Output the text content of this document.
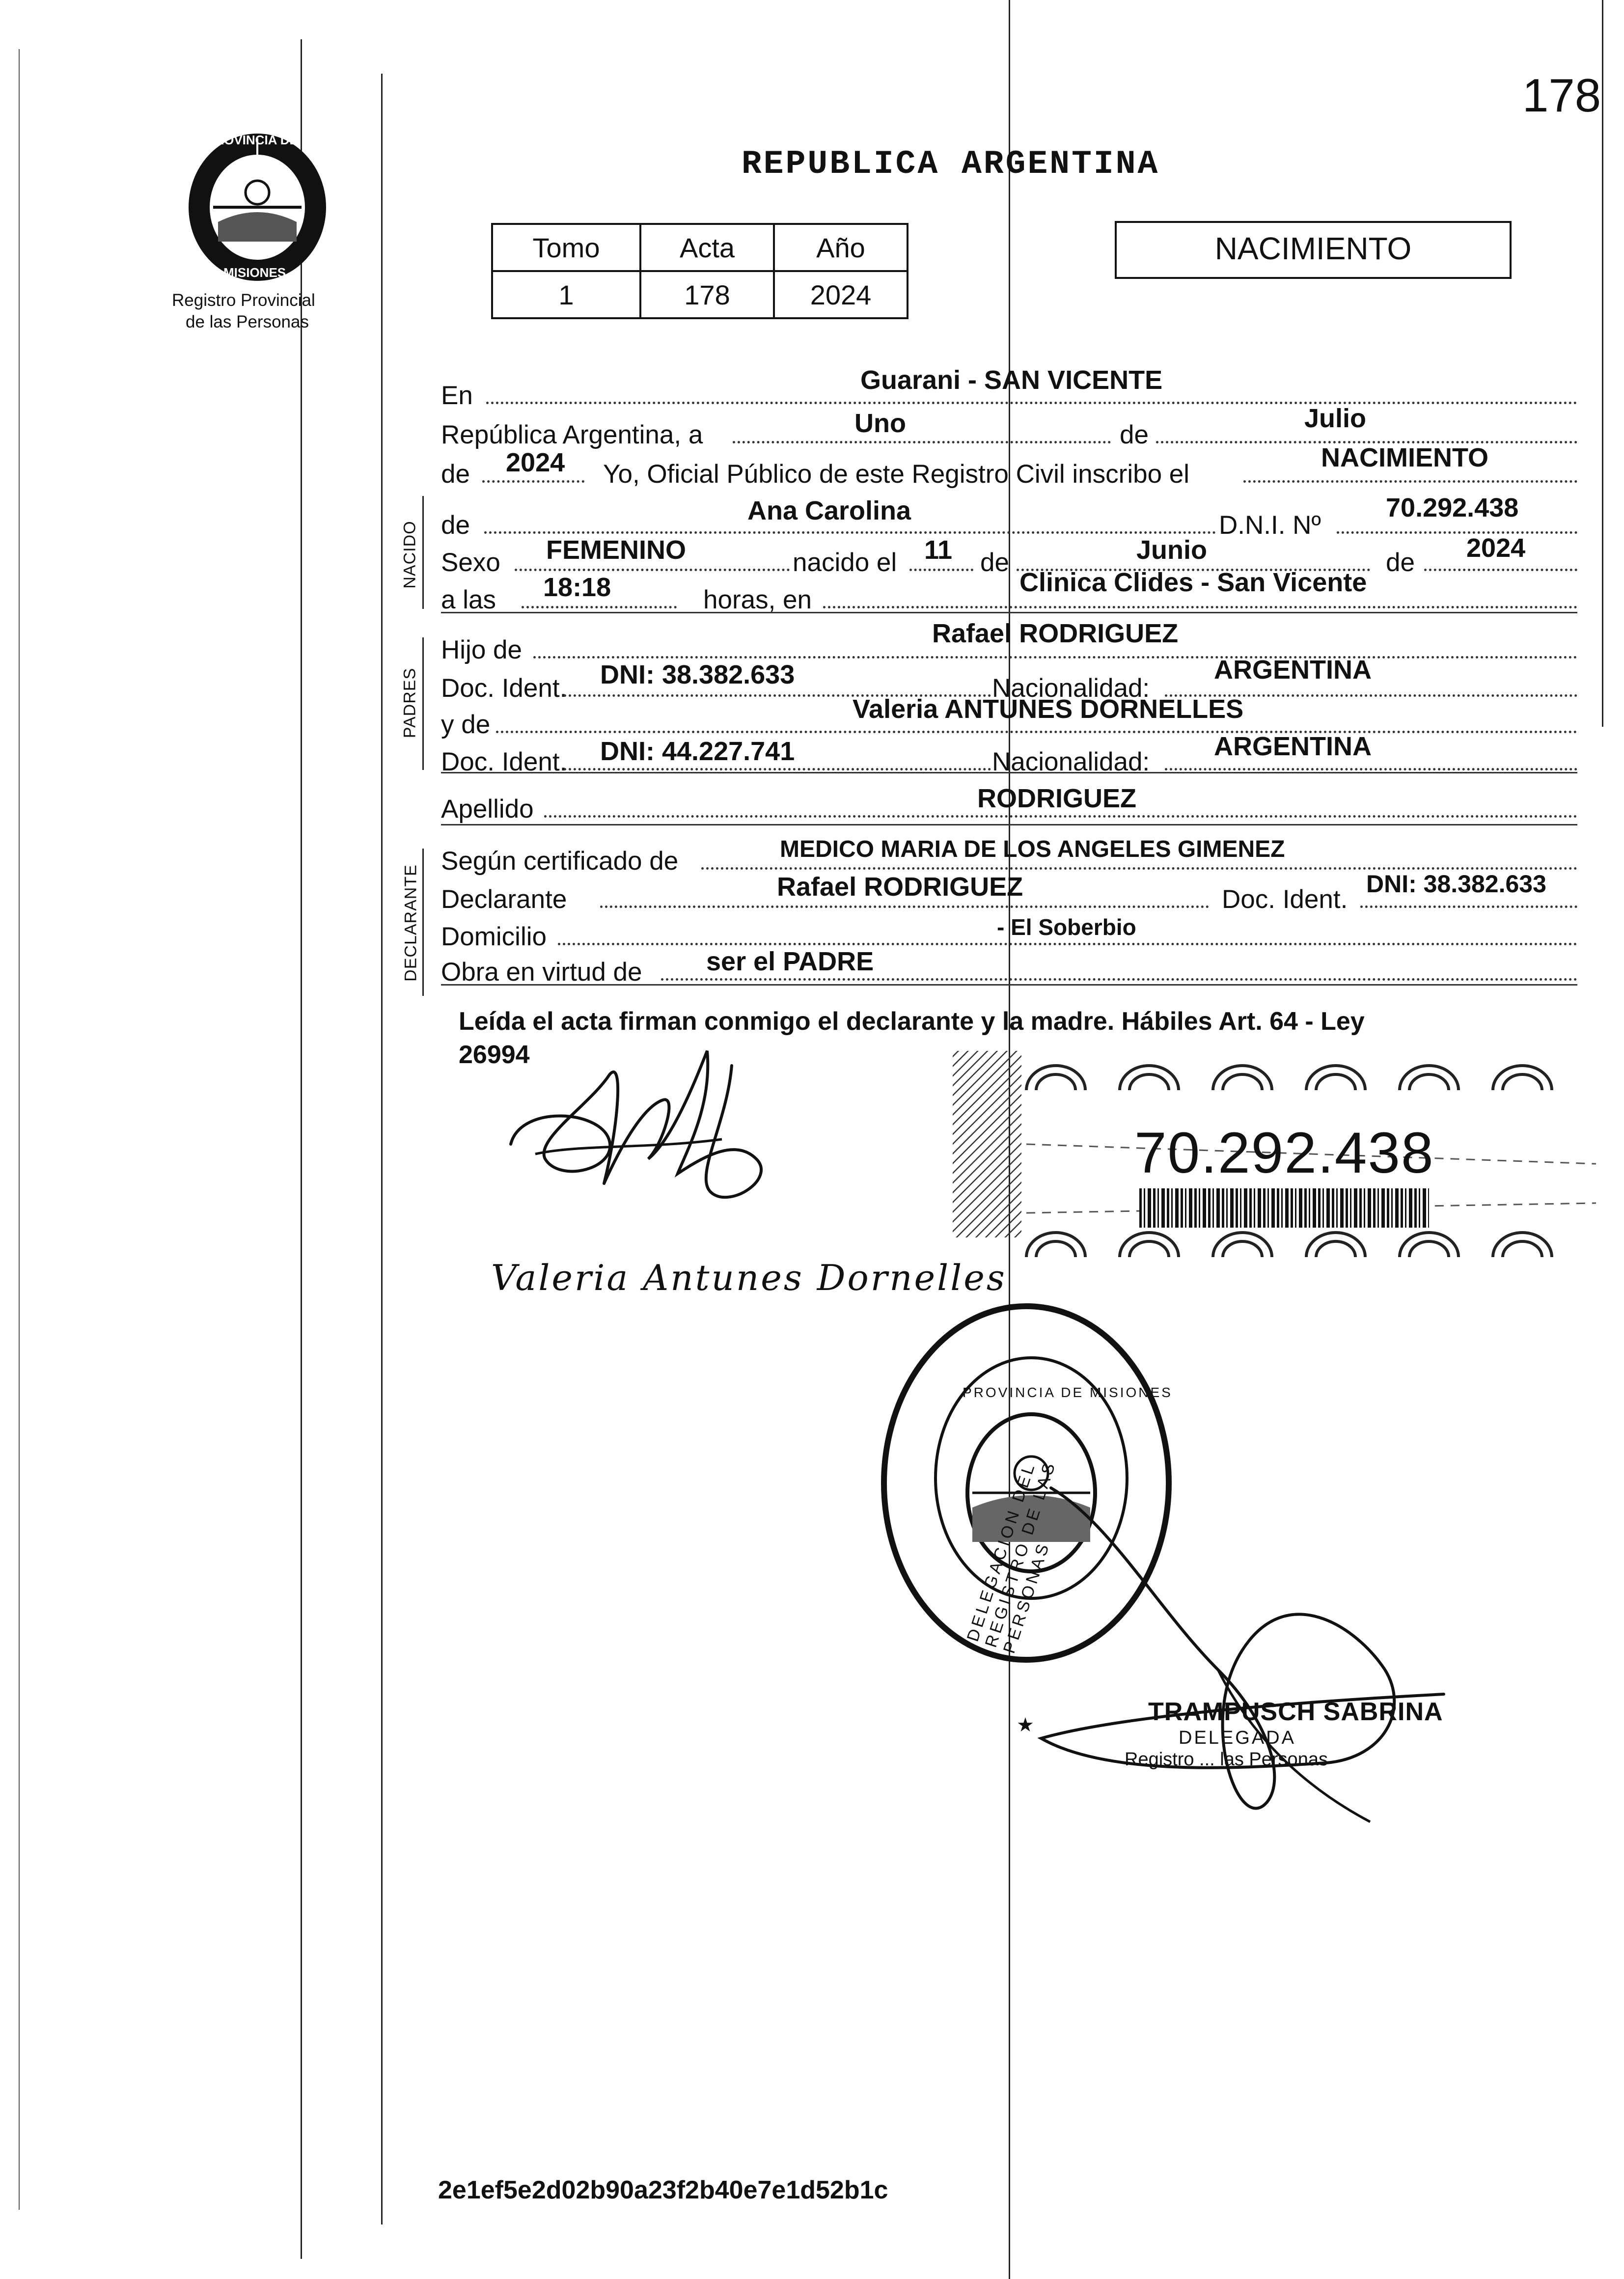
178
PROVINCIA DE
MISIONES
Registro Provincial
de las Personas
REPUBLICA ARGENTINA
Tomo	Acta	Año
1	178	2024
NACIMIENTO
NACIDO
PADRES
DECLARANTE
En
Guarani - SAN VICENTE
República Argentina, a	Uno	de
Julio
de 2024 Yo, Oficial Público de este Registro Civil inscribo el
NACIMIENTO
de	Ana Carolina	D.N.I. Nº
70.292.438
Sexo FEMENINO	nacido el 11 de	Junio	de 2024
a las 18:18	horas, en
Clinica Clides - San Vicente
Hijo de
Rafael RODRIGUEZ
Doc. Ident. DNI: 38.382.633	Nacionalidad:
ARGENTINA
y de
Valeria ANTUNES DORNELLES
Doc. Ident. DNI: 44.227.741	Nacionalidad:
ARGENTINA
Apellido	RODRIGUEZ
Según certificado de	MEDICO MARIA DE LOS ANGELES GIMENEZ
Declarante	Rafael RODRIGUEZ	Doc. Ident.
DNI: 38.382.633
Domicilio	- El Soberbio
Obra en virtud de ser el PADRE
Leída el acta firman conmigo el declarante y la madre. Hábiles Art. 64 - Ley
26994
Valeria Antunes Dornelles
70.292.438
DELEGACION DEL REGISTRO DE LAS PERSONAS
PROVINCIA DE MISIONES
TRAMPUSCH SABRINA
DELEGADA
Registro ... las Personas
★
2e1ef5e2d02b90a23f2b40e7e1d52b1c
